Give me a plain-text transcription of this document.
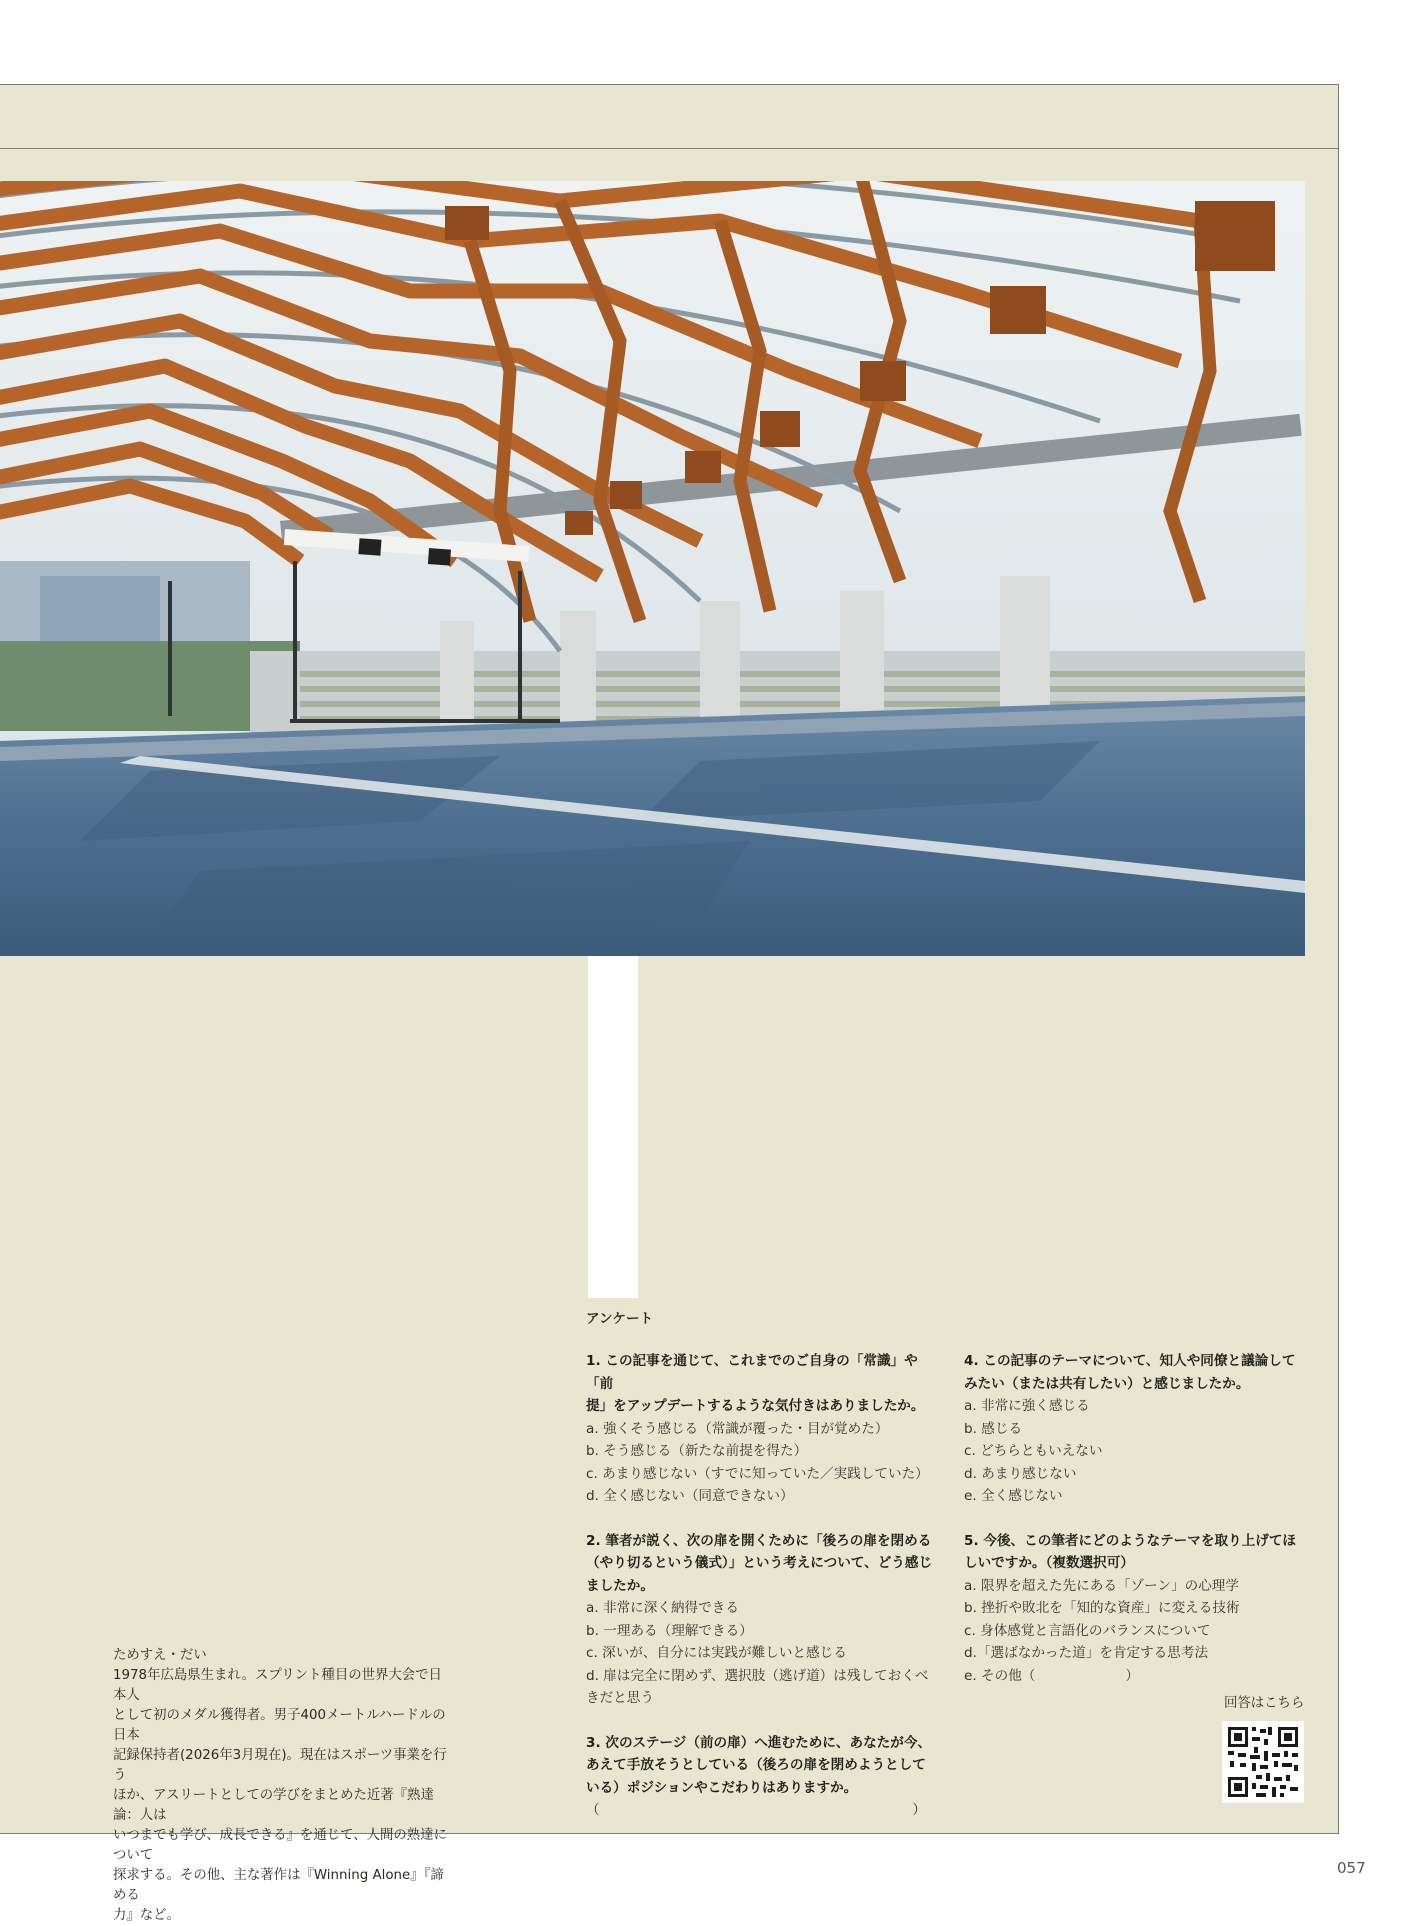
ためすえ・だい
1978年広島県生まれ。スプリント種目の世界大会で日本人
として初のメダル獲得者。男子400メートルハードルの日本
記録保持者(2026年3月現在)。現在はスポーツ事業を行う
ほか、アスリートとしての学びをまとめた近著『熟達論：人は
いつまでも学び、成長できる』を通じて、人間の熟達について
探求する。その他、主な著作は『Winning Alone』『諦める
力』など。
アンケート
1. この記事を通じて、これまでのご自身の「常識」や「前
提」をアップデートするような気付きはありましたか。
a. 強くそう感じる（常識が覆った・目が覚めた）
b. そう感じる（新たな前提を得た）
c. あまり感じない（すでに知っていた／実践していた）
d. 全く感じない（同意できない）
2. 筆者が説く、次の扉を開くために「後ろの扉を閉める
（やり切るという儀式）」という考えについて、どう感じ
ましたか。
a. 非常に深く納得できる
b. 一理ある（理解できる）
c. 深いが、自分には実践が難しいと感じる
d. 扉は完全に閉めず、選択肢（逃げ道）は残しておくべ
きだと思う
3. 次のステージ（前の扉）へ進むために、あなたが今、
あえて手放そうとしている（後ろの扉を閉めようとして
いる）ポジションやこだわりはありますか。
（	）
4. この記事のテーマについて、知人や同僚と議論して
みたい（または共有したい）と感じましたか。
a. 非常に強く感じる
b. 感じる
c. どちらともいえない
d. あまり感じない
e. 全く感じない
5. 今後、この筆者にどのようなテーマを取り上げてほ
しいですか。（複数選択可）
a. 限界を超えた先にある「ゾーン」の心理学
b. 挫折や敗北を「知的な資産」に変える技術
c. 身体感覚と言語化のバランスについて
d.「選ばなかった道」を肯定する思考法
e. その他（	）
回答はこちら
057
